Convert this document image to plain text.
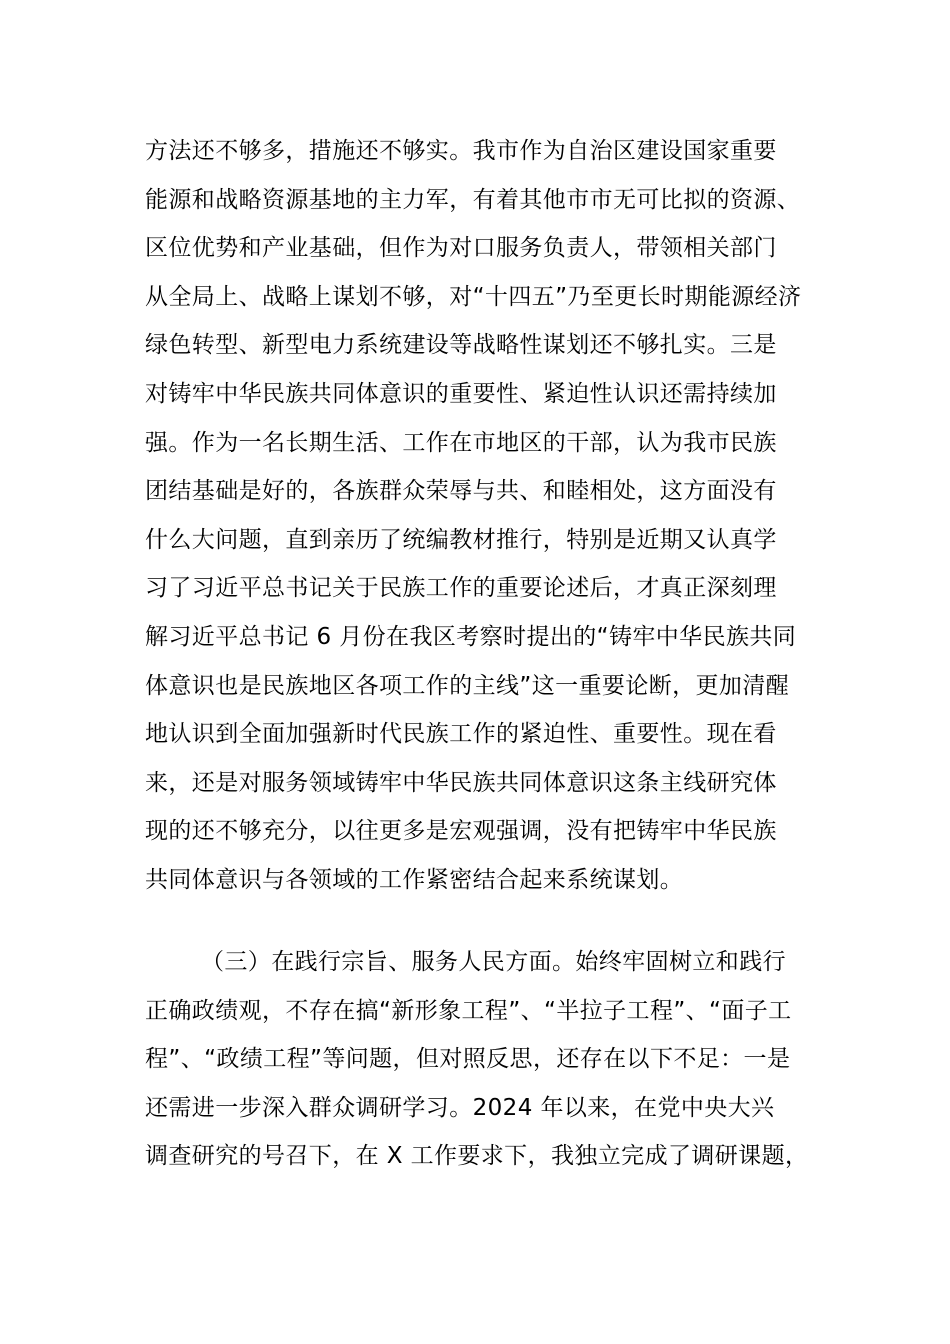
方法还不够多，措施还不够实。我市作为自治区建设国家重要
能源和战略资源基地的主力军，有着其他市市无可比拟的资源、
区位优势和产业基础，但作为对口服务负责人，带领相关部门
从全局上、战略上谋划不够，对“十四五”乃至更长时期能源经济
绿色转型、新型电力系统建设等战略性谋划还不够扎实。三是
对铸牢中华民族共同体意识的重要性、紧迫性认识还需持续加
强。作为一名长期生活、工作在市地区的干部，认为我市民族
团结基础是好的，各族群众荣辱与共、和睦相处，这方面没有
什么大问题，直到亲历了统编教材推行，特别是近期又认真学
习了习近平总书记关于民族工作的重要论述后，才真正深刻理
解习近平总书记 6 月份在我区考察时提出的“铸牢中华民族共同
体意识也是民族地区各项工作的主线”这一重要论断，更加清醒
地认识到全面加强新时代民族工作的紧迫性、重要性。现在看
来，还是对服务领域铸牢中华民族共同体意识这条主线研究体
现的还不够充分，以往更多是宏观强调，没有把铸牢中华民族
共同体意识与各领域的工作紧密结合起来系统谋划。
（三）在践行宗旨、服务人民方面。始终牢固树立和践行
正确政绩观，不存在搞“新形象工程”、“半拉子工程”、“面子工
程”、“政绩工程”等问题，但对照反思，还存在以下不足：一是
还需进一步深入群众调研学习。2024 年以来，在党中央大兴
调查研究的号召下，在 X 工作要求下，我独立完成了调研课题，
